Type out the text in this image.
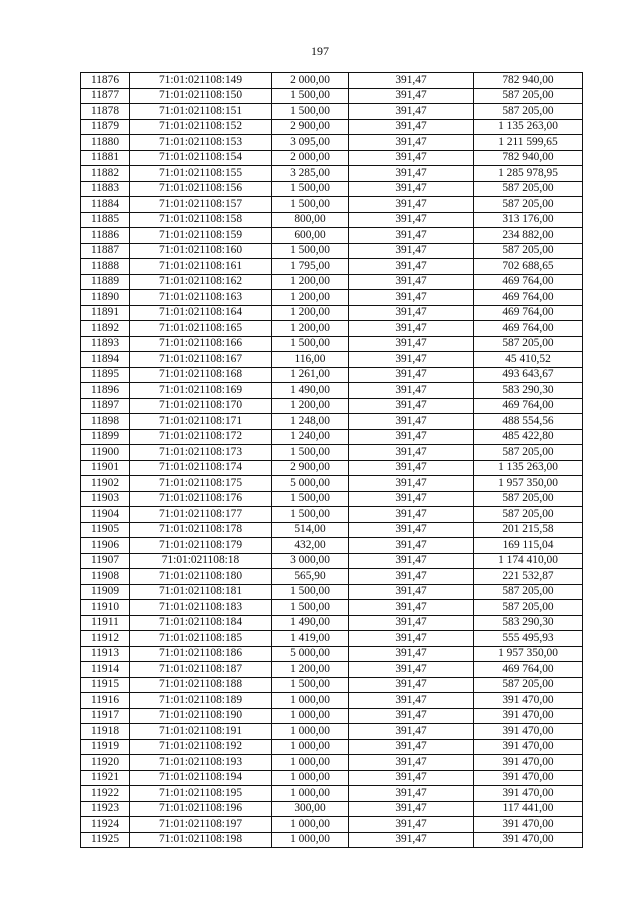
197
11876	71:01:021108:149	2 000,00	391,47	782 940,00
11877	71:01:021108:150	1 500,00	391,47	587 205,00
11878	71:01:021108:151	1 500,00	391,47	587 205,00
11879	71:01:021108:152	2 900,00	391,47	1 135 263,00
11880	71:01:021108:153	3 095,00	391,47	1 211 599,65
11881	71:01:021108:154	2 000,00	391,47	782 940,00
11882	71:01:021108:155	3 285,00	391,47	1 285 978,95
11883	71:01:021108:156	1 500,00	391,47	587 205,00
11884	71:01:021108:157	1 500,00	391,47	587 205,00
11885	71:01:021108:158	800,00	391,47	313 176,00
11886	71:01:021108:159	600,00	391,47	234 882,00
11887	71:01:021108:160	1 500,00	391,47	587 205,00
11888	71:01:021108:161	1 795,00	391,47	702 688,65
11889	71:01:021108:162	1 200,00	391,47	469 764,00
11890	71:01:021108:163	1 200,00	391,47	469 764,00
11891	71:01:021108:164	1 200,00	391,47	469 764,00
11892	71:01:021108:165	1 200,00	391,47	469 764,00
11893	71:01:021108:166	1 500,00	391,47	587 205,00
11894	71:01:021108:167	116,00	391,47	45 410,52
11895	71:01:021108:168	1 261,00	391,47	493 643,67
11896	71:01:021108:169	1 490,00	391,47	583 290,30
11897	71:01:021108:170	1 200,00	391,47	469 764,00
11898	71:01:021108:171	1 248,00	391,47	488 554,56
11899	71:01:021108:172	1 240,00	391,47	485 422,80
11900	71:01:021108:173	1 500,00	391,47	587 205,00
11901	71:01:021108:174	2 900,00	391,47	1 135 263,00
11902	71:01:021108:175	5 000,00	391,47	1 957 350,00
11903	71:01:021108:176	1 500,00	391,47	587 205,00
11904	71:01:021108:177	1 500,00	391,47	587 205,00
11905	71:01:021108:178	514,00	391,47	201 215,58
11906	71:01:021108:179	432,00	391,47	169 115,04
11907	71:01:021108:18	3 000,00	391,47	1 174 410,00
11908	71:01:021108:180	565,90	391,47	221 532,87
11909	71:01:021108:181	1 500,00	391,47	587 205,00
11910	71:01:021108:183	1 500,00	391,47	587 205,00
11911	71:01:021108:184	1 490,00	391,47	583 290,30
11912	71:01:021108:185	1 419,00	391,47	555 495,93
11913	71:01:021108:186	5 000,00	391,47	1 957 350,00
11914	71:01:021108:187	1 200,00	391,47	469 764,00
11915	71:01:021108:188	1 500,00	391,47	587 205,00
11916	71:01:021108:189	1 000,00	391,47	391 470,00
11917	71:01:021108:190	1 000,00	391,47	391 470,00
11918	71:01:021108:191	1 000,00	391,47	391 470,00
11919	71:01:021108:192	1 000,00	391,47	391 470,00
11920	71:01:021108:193	1 000,00	391,47	391 470,00
11921	71:01:021108:194	1 000,00	391,47	391 470,00
11922	71:01:021108:195	1 000,00	391,47	391 470,00
11923	71:01:021108:196	300,00	391,47	117 441,00
11924	71:01:021108:197	1 000,00	391,47	391 470,00
11925	71:01:021108:198	1 000,00	391,47	391 470,00
